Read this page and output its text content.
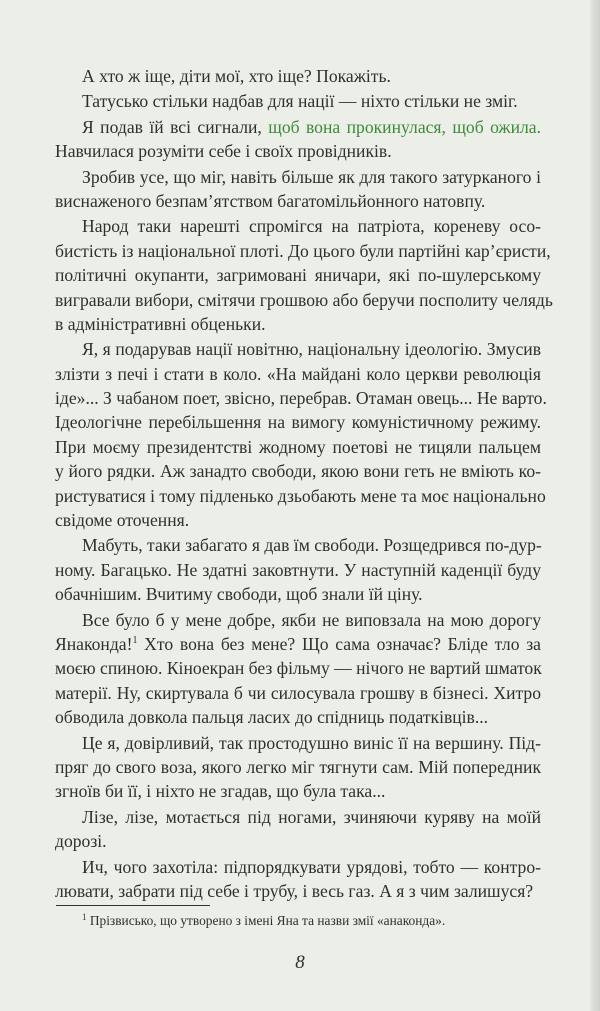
А хто ж іще, діти мої, хто іще? Покажіть.
Татусько стільки надбав для нації — ніхто стільки не зміг.
Я подав їй всі сигнали, щоб вона прокинулася, щоб ожила.
Навчилася розуміти себе і своїх провідників.
Зробив усе, що міг, навіть більше як для такого затурканого і
виснаженого безпам’ятством багатомільйонного натовпу.
Народ таки нарешті спромігся на патріота, кореневу осо-
бистість із національної плоті. До цього були партійні кар’єристи,
політичні окупанти, загримовані яничари, які по-шулерському
вигравали вибори, смітячи грошвою або беручи посполиту челядь
в адміністративні обценьки.
Я, я подарував нації новітню, національну ідеологію. Змусив
злізти з печі і стати в коло. «На майдані коло церкви революція
іде»... З чабаном поет, звісно, перебрав. Отаман овець... Не варто.
Ідеологічне перебільшення на вимогу комуністичному режиму.
При моєму президентстві жодному поетові не тицяли пальцем
у його рядки. Аж занадто свободи, якою вони геть не вміють ко-
ристуватися і тому підленько дзьобають мене та моє національно
свідоме оточення.
Мабуть, таки забагато я дав їм свободи. Розщедрився по-дур-
ному. Багацько. Не здатні заковтнути. У наступній каденції буду
обачнішим. Вчитиму свободи, щоб знали їй ціну.
Все було б у мене добре, якби не виповзала на мою дорогу
Янаконда!$^1$ Хто вона без мене? Що сама означає? Бліде тло за
моєю спиною. Кіноекран без фільму — нічого не вартий шматок
матерії. Ну, скиртувала б чи силосувала грошву в бізнесі. Хитро
обводила довкола пальця ласих до спідниць податківців...
Це я, довірливий, так простодушно виніс її на вершину. Під-
пряг до свого воза, якого легко міг тягнути сам. Мій попередник
згноїв би її, і ніхто не згадав, що була така...
Лізе, лізе, мотається під ногами, зчиняючи куряву на моїй
дорозі.
Ич, чого захотіла: підпорядкувати урядові, тобто — контро-
лювати, забрати під себе і трубу, і весь газ. А я з чим залишуся?
$^1$ Прізвисько, що утворено з імені Яна та назви змії «анаконда».
8
